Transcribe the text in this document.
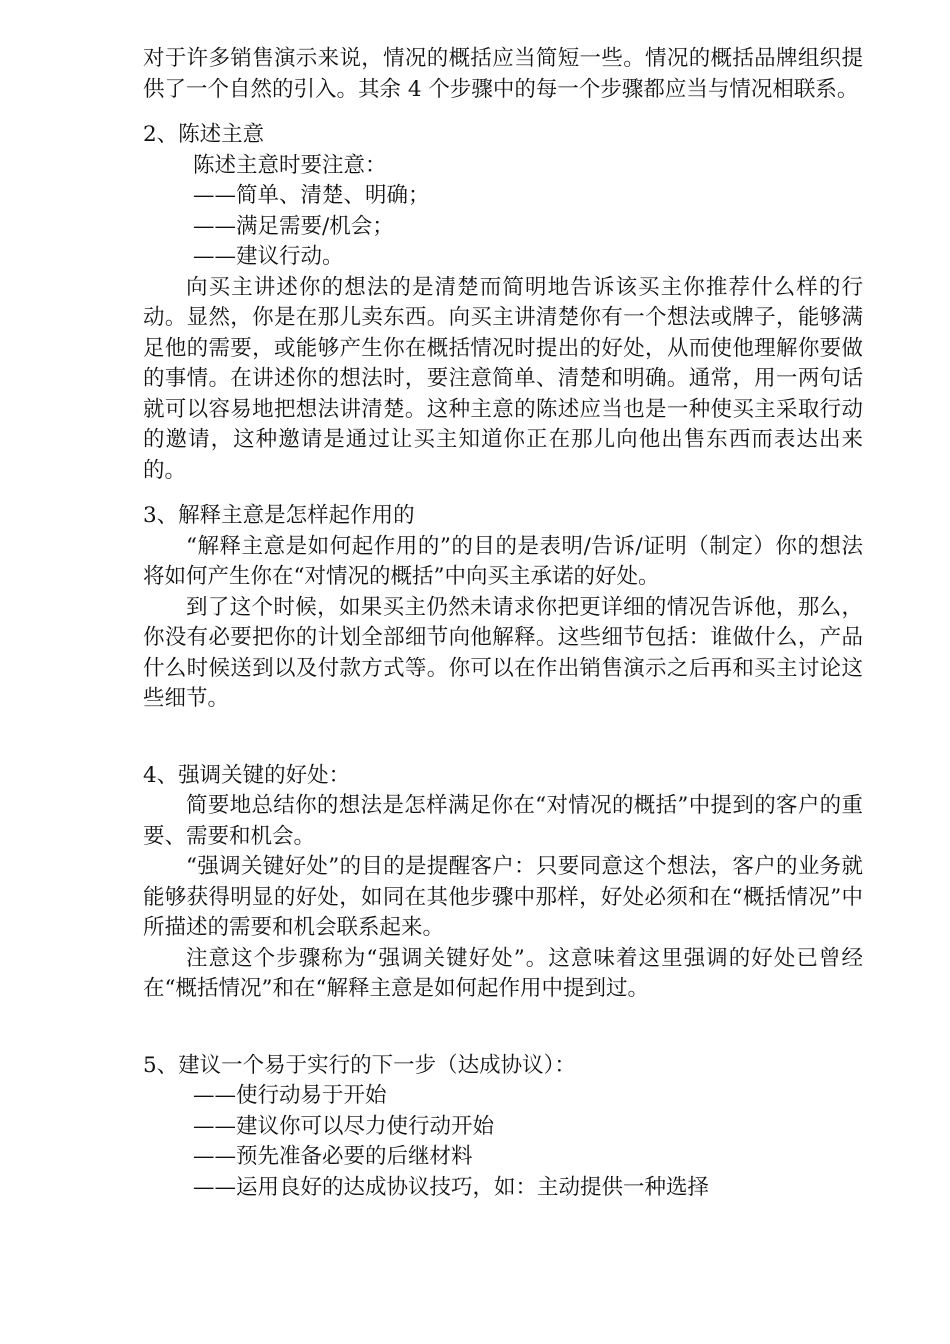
对于许多销售演示来说，情况的概括应当简短一些。情况的概括品牌组织提供了一个自然的引入。其余 4 个步骤中的每一个步骤都应当与情况相联系。

2、陈述主意

陈述主意时要注意：

——简单、清楚、明确；

——满足需要/机会；

——建议行动。

向买主讲述你的想法的是清楚而简明地告诉该买主你推荐什么样的行动。显然，你是在那儿卖东西。向买主讲清楚你有一个想法或牌子，能够满足他的需要，或能够产生你在概括情况时提出的好处，从而使他理解你要做的事情。在讲述你的想法时，要注意简单、清楚和明确。通常，用一两句话就可以容易地把想法讲清楚。这种主意的陈述应当也是一种使买主采取行动的邀请，这种邀请是通过让买主知道你正在那儿向他出售东西而表达出来的。

3、解释主意是怎样起作用的

“解释主意是如何起作用的”的目的是表明/告诉/证明（制定）你的想法将如何产生你在“对情况的概括”中向买主承诺的好处。

到了这个时候，如果买主仍然未请求你把更详细的情况告诉他，那么，你没有必要把你的计划全部细节向他解释。这些细节包括：谁做什么，产品什么时候送到以及付款方式等。你可以在作出销售演示之后再和买主讨论这些细节。

4、强调关键的好处：

简要地总结你的想法是怎样满足你在“对情况的概括”中提到的客户的重要、需要和机会。

“强调关键好处”的目的是提醒客户：只要同意这个想法，客户的业务就能够获得明显的好处，如同在其他步骤中那样，好处必须和在“概括情况”中所描述的需要和机会联系起来。

注意这个步骤称为“强调关键好处”。这意味着这里强调的好处已曾经在“概括情况”和在“解释主意是如何起作用中提到过。

5、建议一个易于实行的下一步（达成协议）：

——使行动易于开始

——建议你可以尽力使行动开始

——预先准备必要的后继材料

——运用良好的达成协议技巧，如：主动提供一种选择
